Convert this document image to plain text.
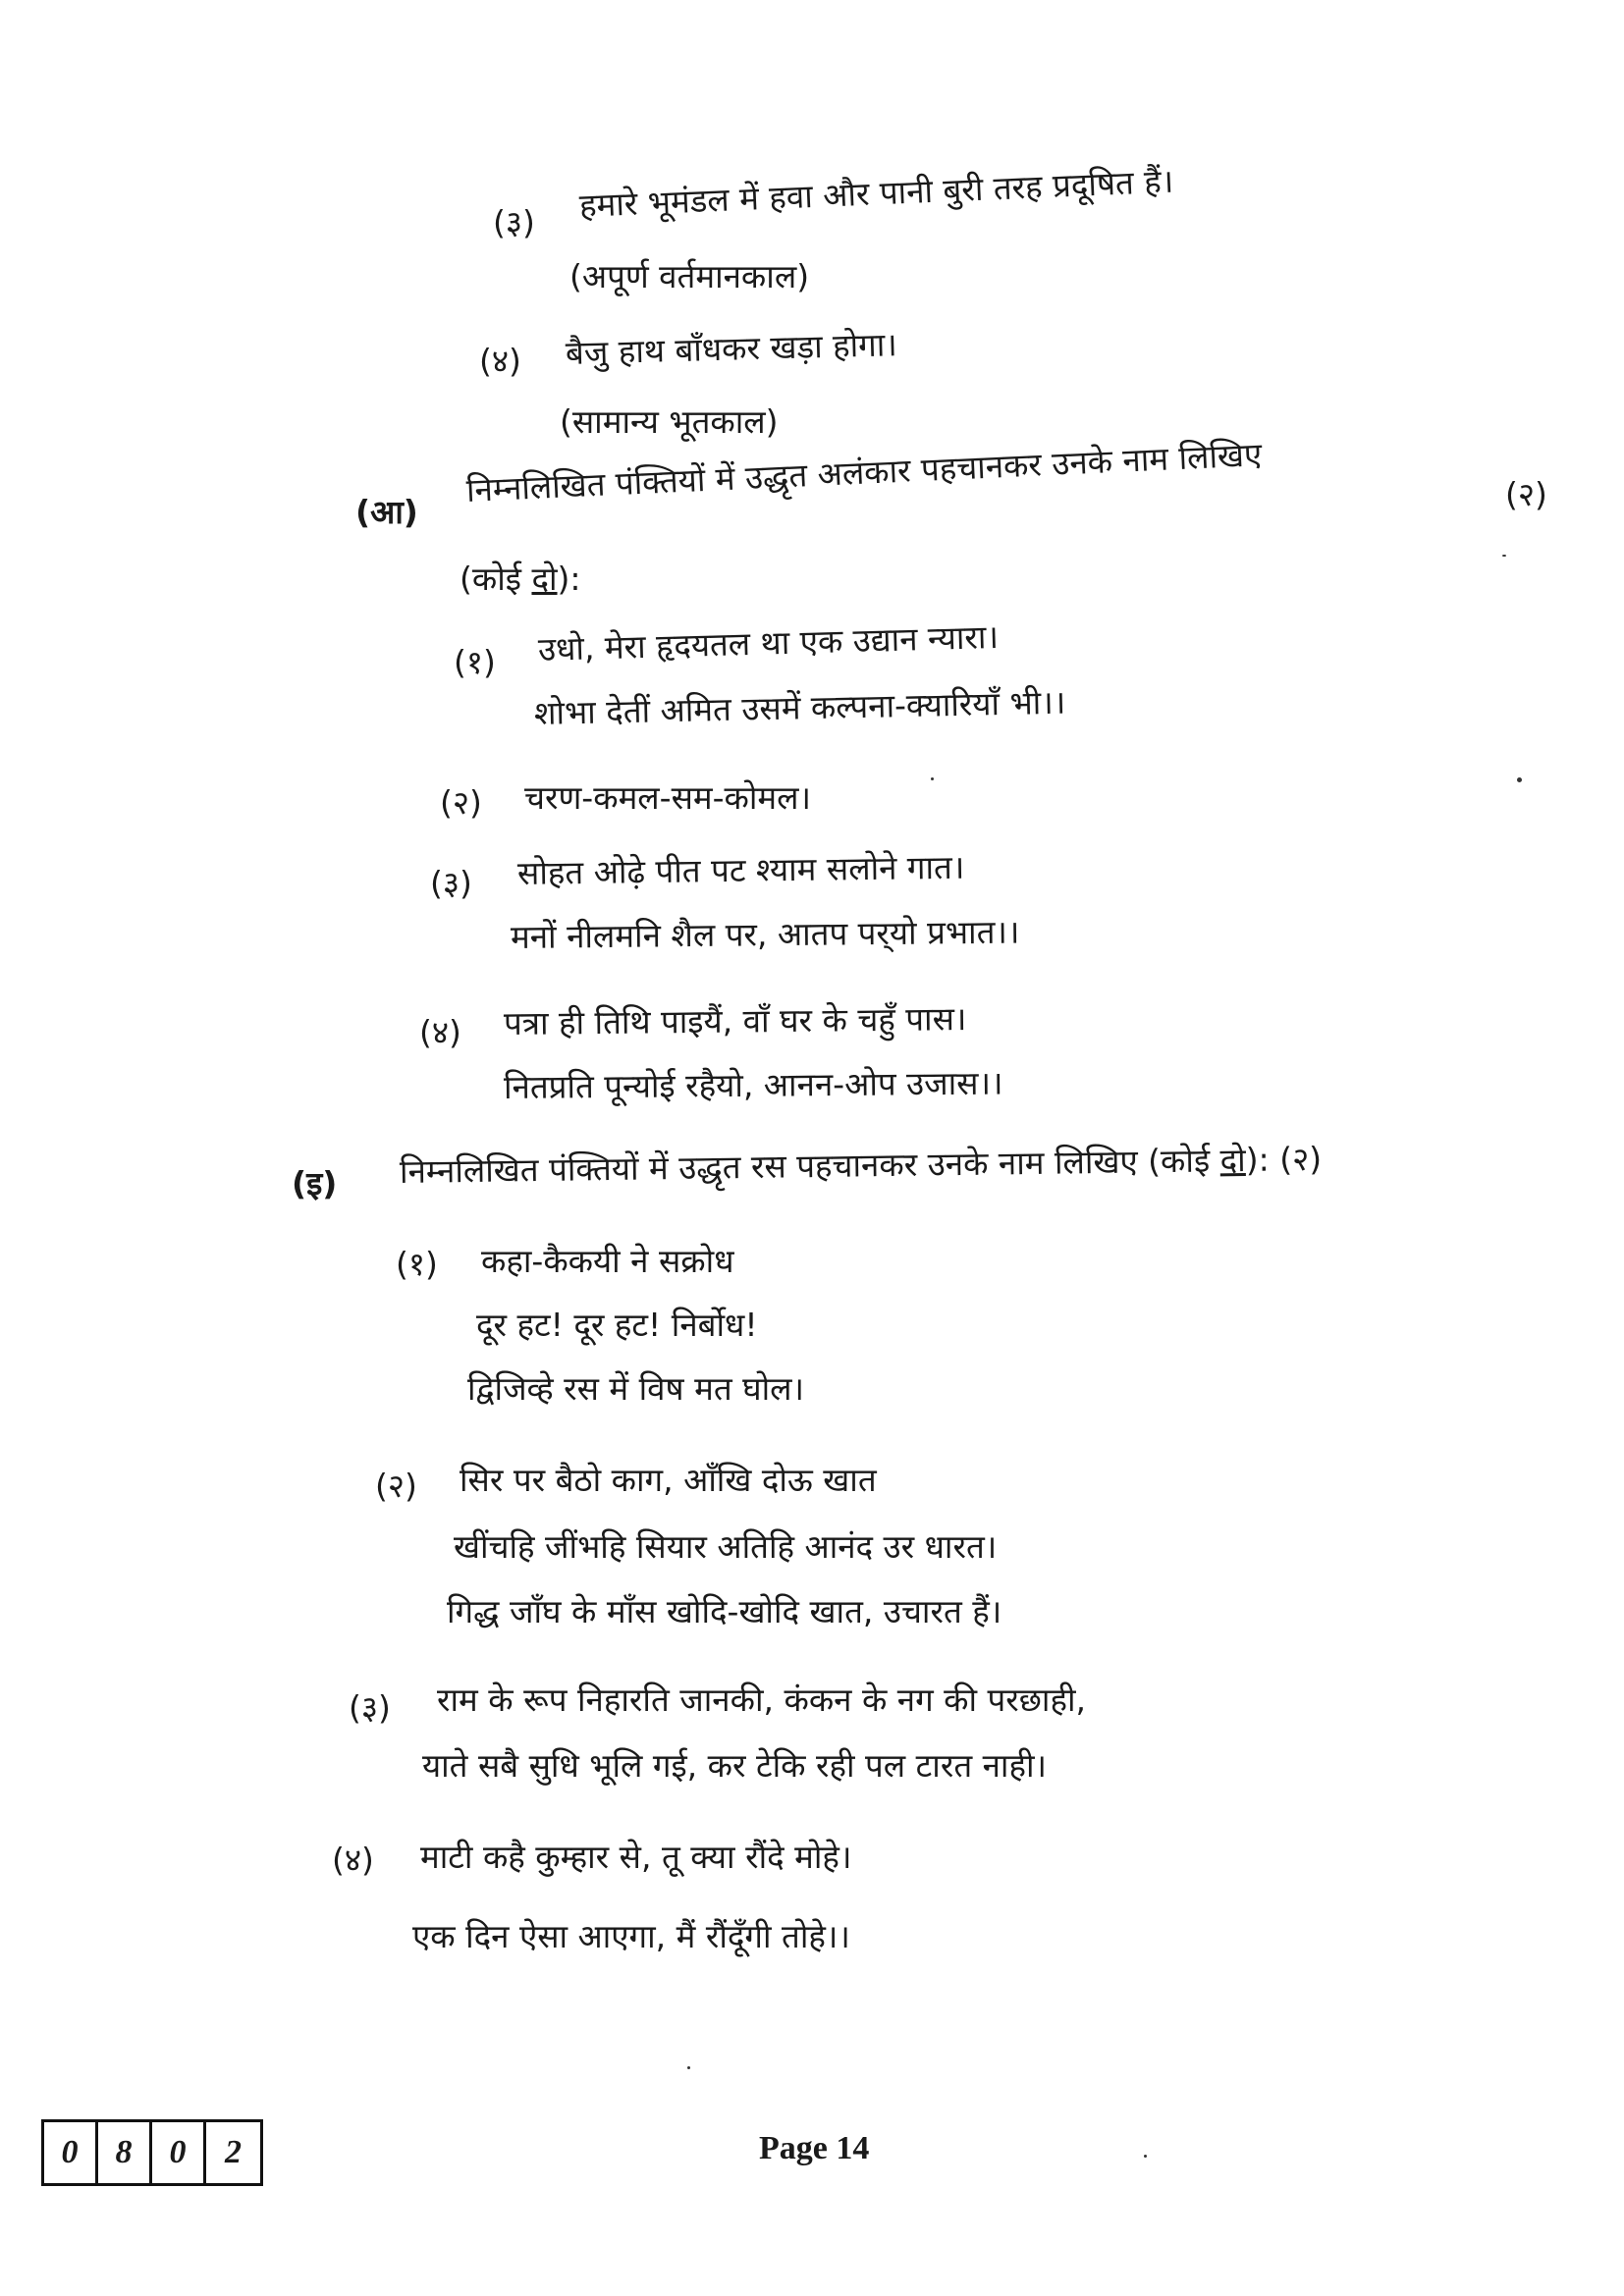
(३) हमारे भूमंडल में हवा और पानी बुरी तरह प्रदूषित हैं।
(अपूर्ण वर्तमानकाल)
(४) बैजु हाथ बाँधकर खड़ा होगा।
(सामान्य भूतकाल)
(आ)
निम्नलिखित पंक्तियों में उद्धृत अलंकार पहचानकर उनके नाम लिखिए	(२)
(कोई दो):
(१) उधो, मेरा हृदयतल था एक उद्यान न्यारा।
शोभा देतीं अमित उसमें कल्पना-क्यारियाँ भी।।
(२) चरण-कमल-सम-कोमल।
(३) सोहत ओढ़े पीत पट श्याम सलोने गात।
मनों नीलमनि शैल पर, आतप पर्‌यो प्रभात।।
(४) पत्रा ही तिथि पाइयैं, वाँ घर के चहुँ पास।
नितप्रति पून्योई रहैयो, आनन-ओप उजास।।
(इ) निम्नलिखित पंक्तियों में उद्धृत रस पहचानकर उनके नाम लिखिए (कोई दो): (२)
(१) कहा-कैकयी ने सक्रोध
दूर हट! दूर हट! निर्बोध!
द्विजिव्हे रस में विष मत घोल।
(२) सिर पर बैठो काग, आँखि दोऊ खात
खींचहि जींभहि सियार अतिहि आनंद उर धारत।
गिद्ध जाँघ के माँस खोदि-खोदि खात, उचारत हैं।
(३) राम के रूप निहारति जानकी, कंकन के नग की परछाही,
याते सबै सुधि भूलि गई, कर टेकि रही पल टारत नाही।
(४) माटी कहै कुम्हार से, तू क्या रौंदे मोहे।
एक दिन ऐसा आएगा, मैं रौंदूँगी तोहे।।
0	8	0	2	Page 14
